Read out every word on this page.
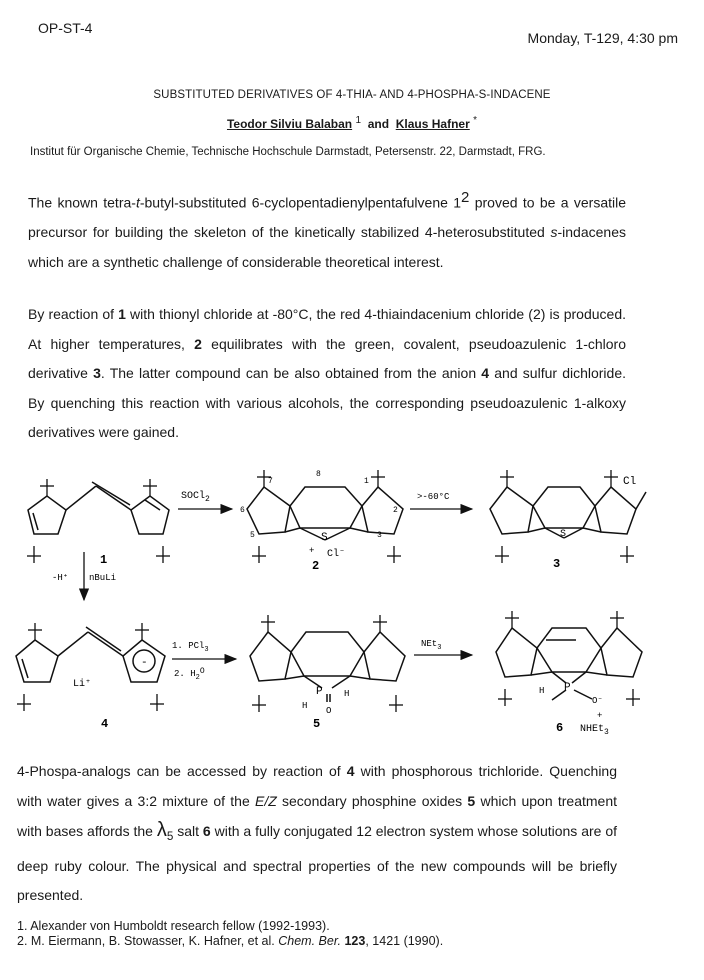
OP-ST-4
Monday, T-129, 4:30 pm
SUBSTITUTED DERIVATIVES OF 4-THIA- AND 4-PHOSPHA-S-INDACENE
Teodor Silviu Balaban $^1$ and Klaus Hafner *
Institut für Organische Chemie, Technische Hochschule Darmstadt, Petersenstr. 22, Darmstadt, FRG.
The known tetra-t-butyl-substituted 6-cyclopentadienylpentafulvene $1^2$ proved to be a versatile precursor for building the skeleton of the kinetically stabilized 4-heterosubstituted s-indacenes which are a synthetic challenge of considerable theoretical interest.
By reaction of 1 with thionyl chloride at -80°C, the red 4-thiaindacenium chloride (2) is produced. At higher temperatures, 2 equilibrates with the green, covalent, pseudoazulenic 1-chloro derivative 3. The latter compound can be also obtained from the anion 4 and sulfur dichloride. By quenching this reaction with various alcohols, the corresponding pseudoazulenic 1-alkoxy derivatives were gained.
SOCl$_2$
8
7	1
6	2
5	3
S
+ Cl⁻
>-60°C
S
Cl
1	2	3
-H⁺ nBuLi
-
Li⁺
1. PCl$_3$
2. $H_2O$
P
H
H
O
NEt$_3$
P
H
O⁻
+
NHEt$_3$
4	5	6
4-Phospa-analogs can be accessed by reaction of 4 with phosphorous trichloride. Quenching with water gives a 3:2 mixture of the E/Z secondary phosphine oxides 5 which upon treatment with bases affords the $\lambda_5$ salt 6 with a fully conjugated 12 electron system whose solutions are of deep ruby colour. The physical and spectral properties of the new compounds will be briefly presented.
1. Alexander von Humboldt research fellow (1992-1993).
2. M. Eiermann, B. Stowasser, K. Hafner, et al. Chem. Ber. 123, 1421 (1990).
